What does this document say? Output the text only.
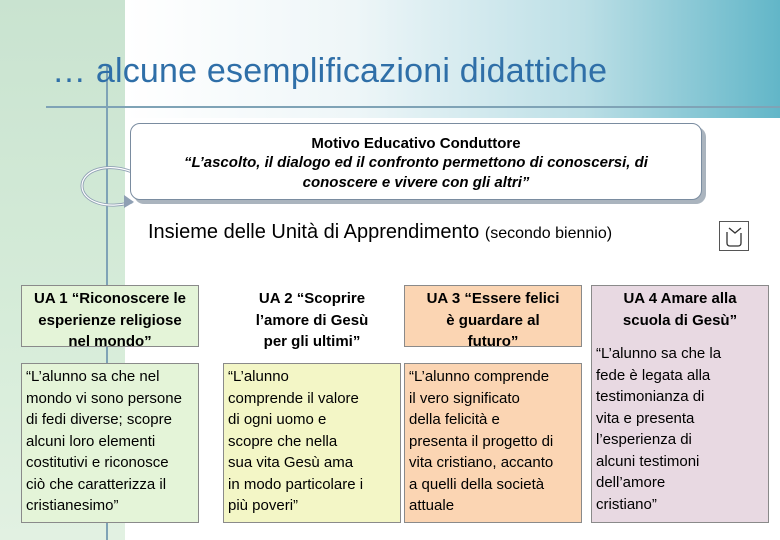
… alcune esemplificazioni didattiche
Motivo Educativo Conduttore
“L’ascolto, il dialogo ed il confronto permettono di conoscersi, di
conoscere e vivere con gli altri”
Insieme delle Unità di Apprendimento (secondo biennio)
UA 1 “Riconoscere le
esperienze religiose
nel mondo”
“L’alunno sa che nel
mondo vi sono persone
di fedi diverse; scopre
alcuni loro elementi
costitutivi e riconosce
ciò che caratterizza il
cristianesimo”
UA 2 “Scoprire
l’amore di Gesù
per gli ultimi”
“L’alunno
comprende il valore
di ogni uomo e
scopre che nella
sua vita Gesù ama
in modo particolare i
più poveri”
UA 3 “Essere felici
è guardare al
futuro”
“L’alunno comprende
il vero significato
della felicità e
presenta il progetto di
vita cristiano, accanto
a quelli della società
attuale
UA 4 Amare alla
scuola di Gesù”
“L’alunno sa che la
fede è legata alla
testimonianza di
vita e presenta
l’esperienza di
alcuni testimoni
dell’amore
cristiano”
